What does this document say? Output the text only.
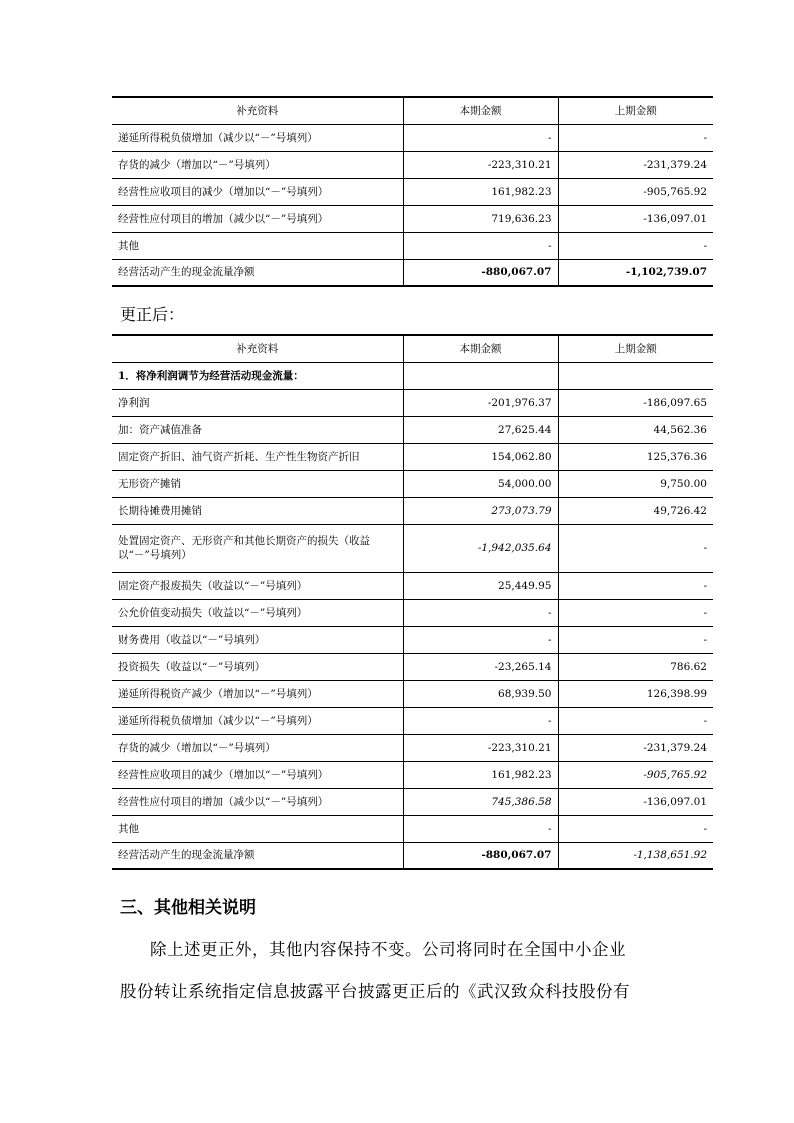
补充资料	本期金额	上期金额
递延所得税负债增加（减少以“－”号填列）	-	-
存货的减少（增加以“－”号填列）	-223,310.21	-231,379.24
经营性应收项目的减少（增加以“－”号填列）	161,982.23	-905,765.92
经营性应付项目的增加（减少以“－”号填列）	719,636.23	-136,097.01
其他	-	-
经营活动产生的现金流量净额	-880,067.07	-1,102,739.07
更正后：
补充资料	本期金额	上期金额
1．将净利润调节为经营活动现金流量：		
净利润	-201,976.37	-186,097.65
加：资产减值准备	27,625.44	44,562.36
固定资产折旧、油气资产折耗、生产性生物资产折旧	154,062.80	125,376.36
无形资产摊销	54,000.00	9,750.00
长期待摊费用摊销	273,073.79	49,726.42
处置固定资产、无形资产和其他长期资产的损失（收益以“－”号填列）	-1,942,035.64	-
固定资产报废损失（收益以“－”号填列）	25,449.95	-
公允价值变动损失（收益以“－”号填列）	-	-
财务费用（收益以“－”号填列）	-	-
投资损失（收益以“－”号填列）	-23,265.14	786.62
递延所得税资产减少（增加以“－”号填列）	68,939.50	126,398.99
递延所得税负债增加（减少以“－”号填列）	-	-
存货的减少（增加以“－”号填列）	-223,310.21	-231,379.24
经营性应收项目的减少（增加以“－”号填列）	161,982.23	-905,765.92
经营性应付项目的增加（减少以“－”号填列）	745,386.58	-136,097.01
其他	-	-
经营活动产生的现金流量净额	-880,067.07	-1,138,651.92
三、其他相关说明
除上述更正外，其他内容保持不变。公司将同时在全国中小企业
股份转让系统指定信息披露平台披露更正后的《武汉致众科技股份有
